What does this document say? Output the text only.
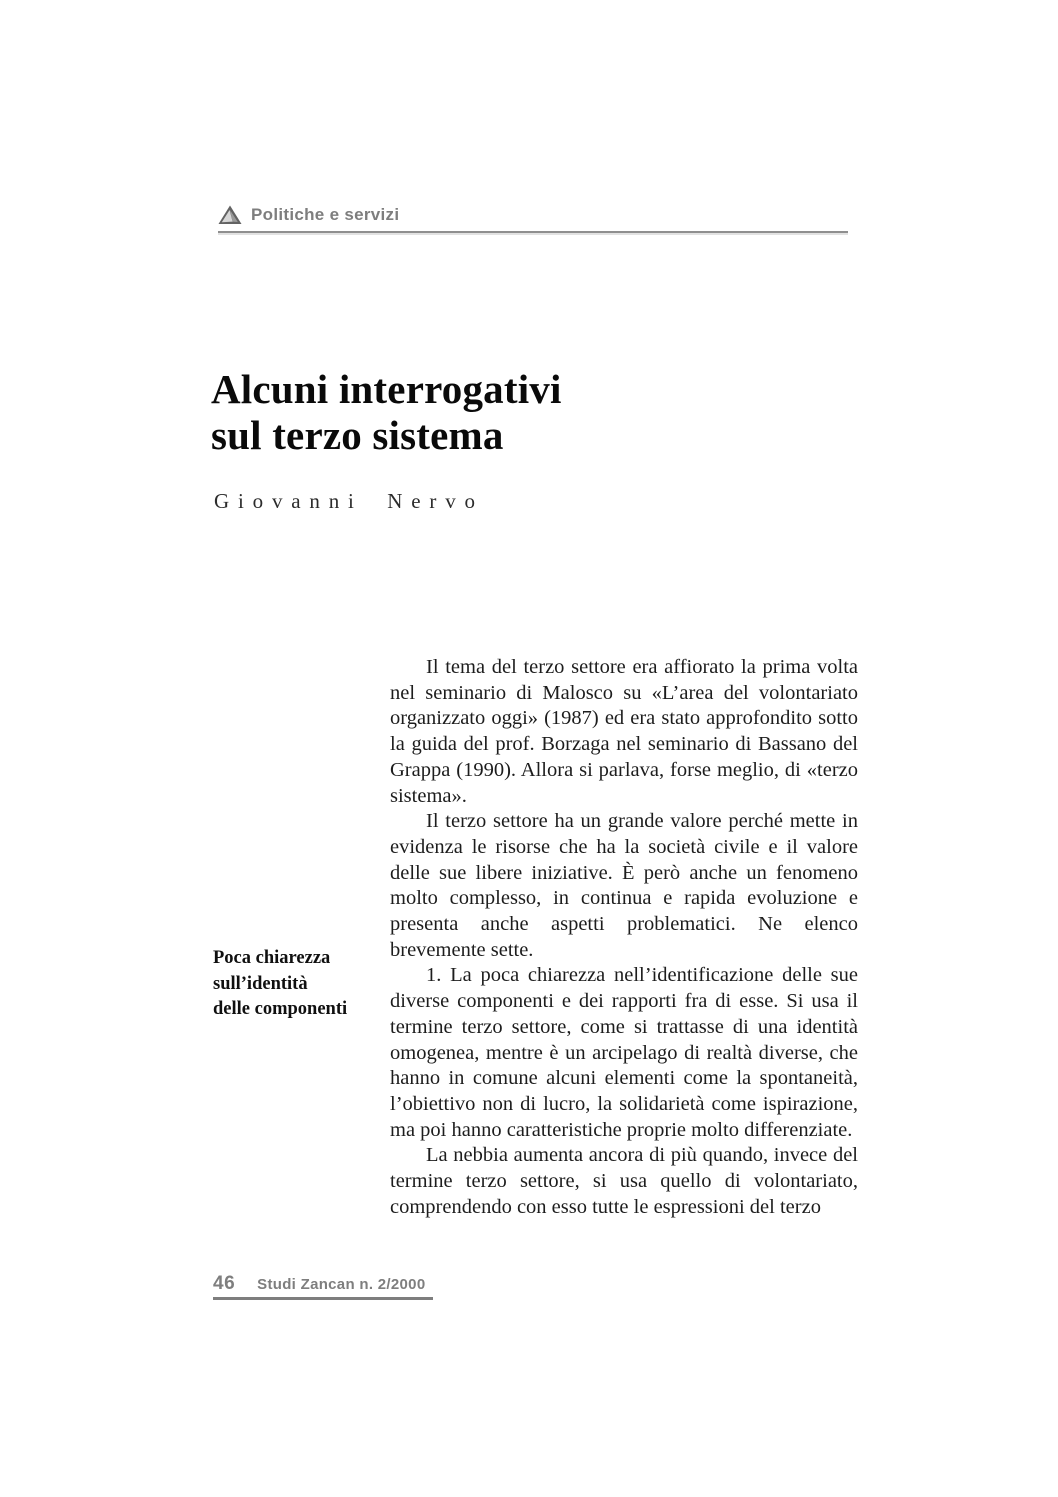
Politiche e servizi
Alcuni interrogativi
sul terzo sistema
Giovanni Nervo
Poca chiarezza
sull’identità
delle componenti

Il tema del terzo settore era affiorato la prima volta nel seminario di Malosco su «L’area del volontariato organizzato oggi» (1987) ed era stato approfondito sotto la guida del prof. Borzaga nel seminario di Bassano del Grappa (1990). Allora si parlava, forse meglio, di «terzo sistema».

Il terzo settore ha un grande valore perché mette in evidenza le risorse che ha la società civile e il valore delle sue libere iniziative. È però anche un fenomeno molto complesso, in continua e rapida evoluzione e presenta anche aspetti problematici. Ne elenco brevemente sette.

1. La poca chiarezza nell’identificazione delle sue diverse componenti e dei rapporti fra di esse. Si usa il termine terzo settore, come si trattasse di una identità omogenea, mentre è un arcipelago di realtà diverse, che hanno in comune alcuni elementi come la spontaneità, l’obiettivo non di lucro, la solidarietà come ispirazione, ma poi hanno caratteristiche proprie molto differenziate.

La nebbia aumenta ancora di più quando, invece del termine terzo settore, si usa quello di volontariato, comprendendo con esso tutte le espressioni del terzo

46 Studi Zancan n. 2/2000
